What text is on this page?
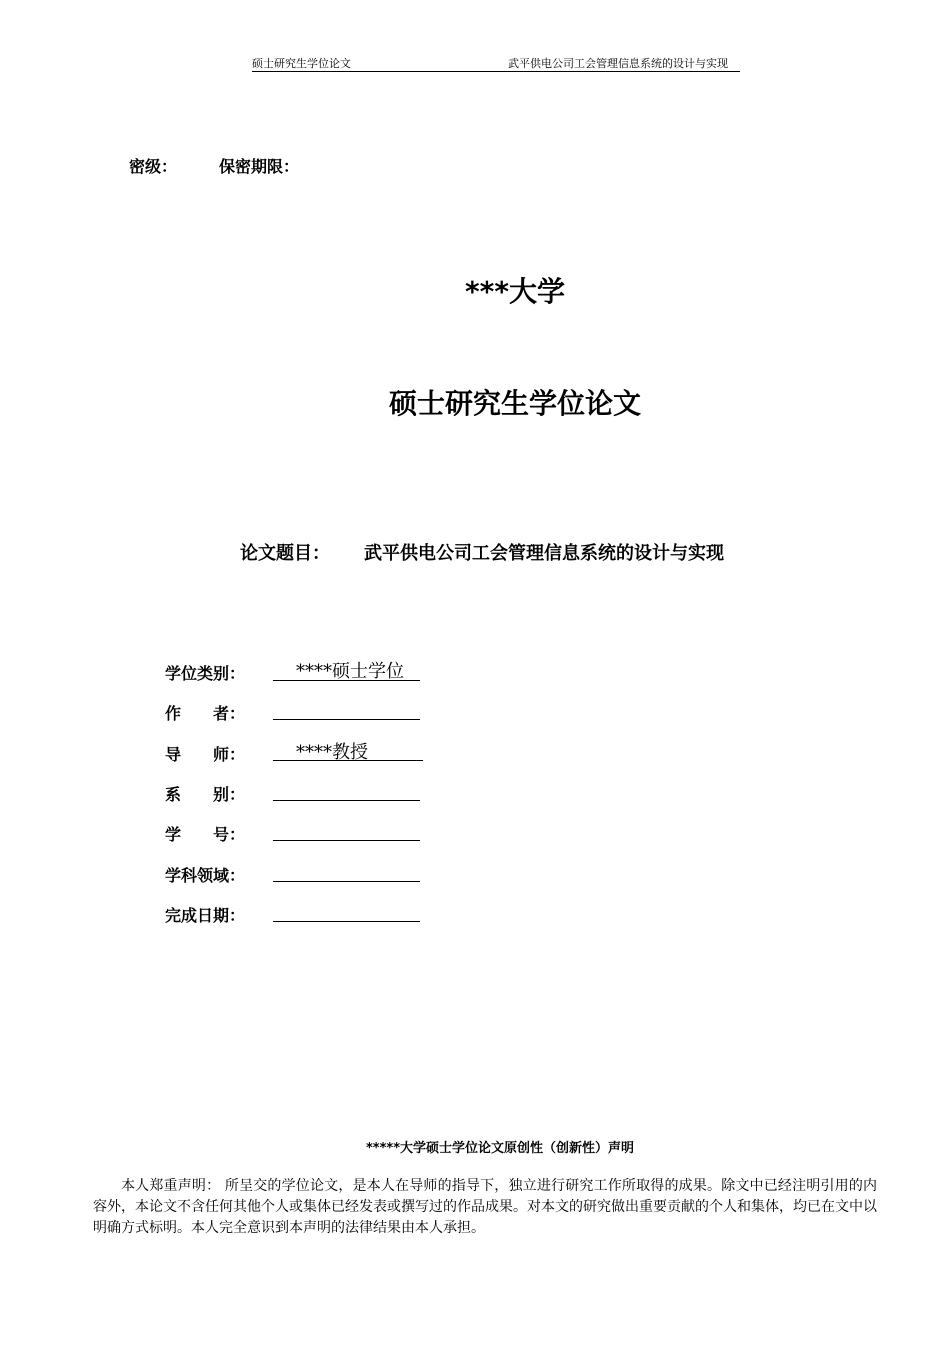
硕士研究生学位论文	武平供电公司工会管理信息系统的设计与实现
密级：	保密期限：
***大学
硕士研究生学位论文
论文题目： 武平供电公司工会管理信息系统的设计与实现
学位类别：	****硕士学位
作　　者：
导　　师：	****教授
系　　别：
学　　号：
学科领域：
完成日期：
*****大学硕士学位论文原创性（创新性）声明
本人郑重声明： 所呈交的学位论文，是本人在导师的指导下，独立进行研究工作所取得的成果。除文中已经注明引用的内容外，本论文不含任何其他个人或集体已经发表或撰写过的作品成果。对本文的研究做出重要贡献的个人和集体，均已在文中以明确方式标明。本人完全意识到本声明的法律结果由本人承担。
